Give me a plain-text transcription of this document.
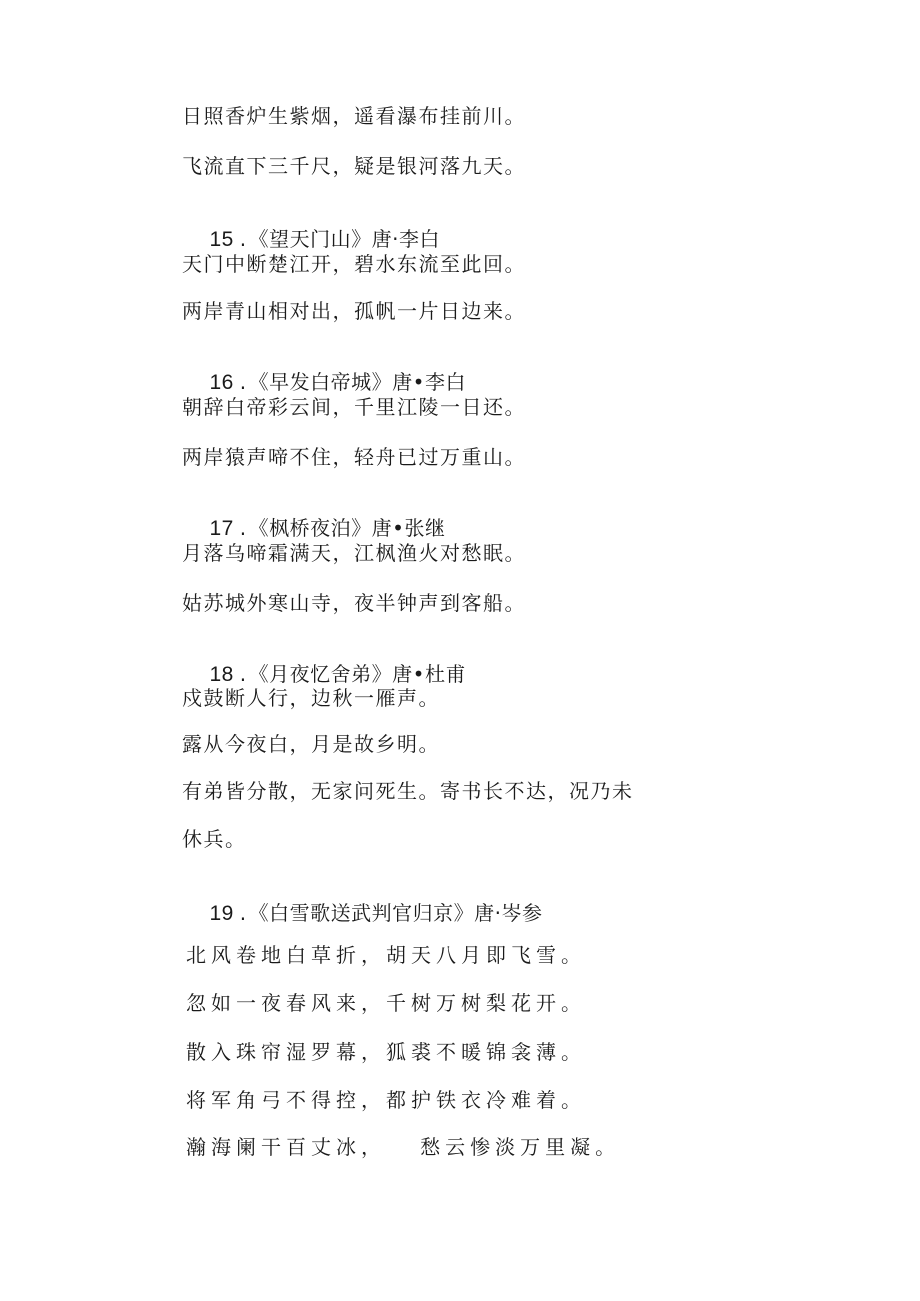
日照香炉生紫烟，遥看瀑布挂前川。
飞流直下三千尺，疑是银河落九天。

15 . 《望天门山》唐·李白

天门中断楚江开，碧水东流至此回。
两岸青山相对出，孤帆一片日边来。

16 . 《早发白帝城》唐•李白

朝辞白帝彩云间，千里江陵一日还。
两岸猿声啼不住，轻舟已过万重山。

17 . 《枫桥夜泊》唐•张继

月落乌啼霜满天，江枫渔火对愁眠。
姑苏城外寒山寺，夜半钟声到客船。

18 . 《月夜忆舍弟》唐•杜甫

戍鼓断人行，边秋一雁声。
露从今夜白，月是故乡明。
有弟皆分散，无家问死生。寄书长不达，况乃未
休兵。

19 . 《白雪歌送武判官归京》唐·岑参

北风卷地白草折，胡天八月即飞雪。
忽如一夜春风来，千树万树梨花开。
散入珠帘湿罗幕，狐裘不暖锦衾薄。
将军角弓不得控，都护铁衣冷难着。
瀚海阑干百丈冰，   愁云惨淡万里凝。
